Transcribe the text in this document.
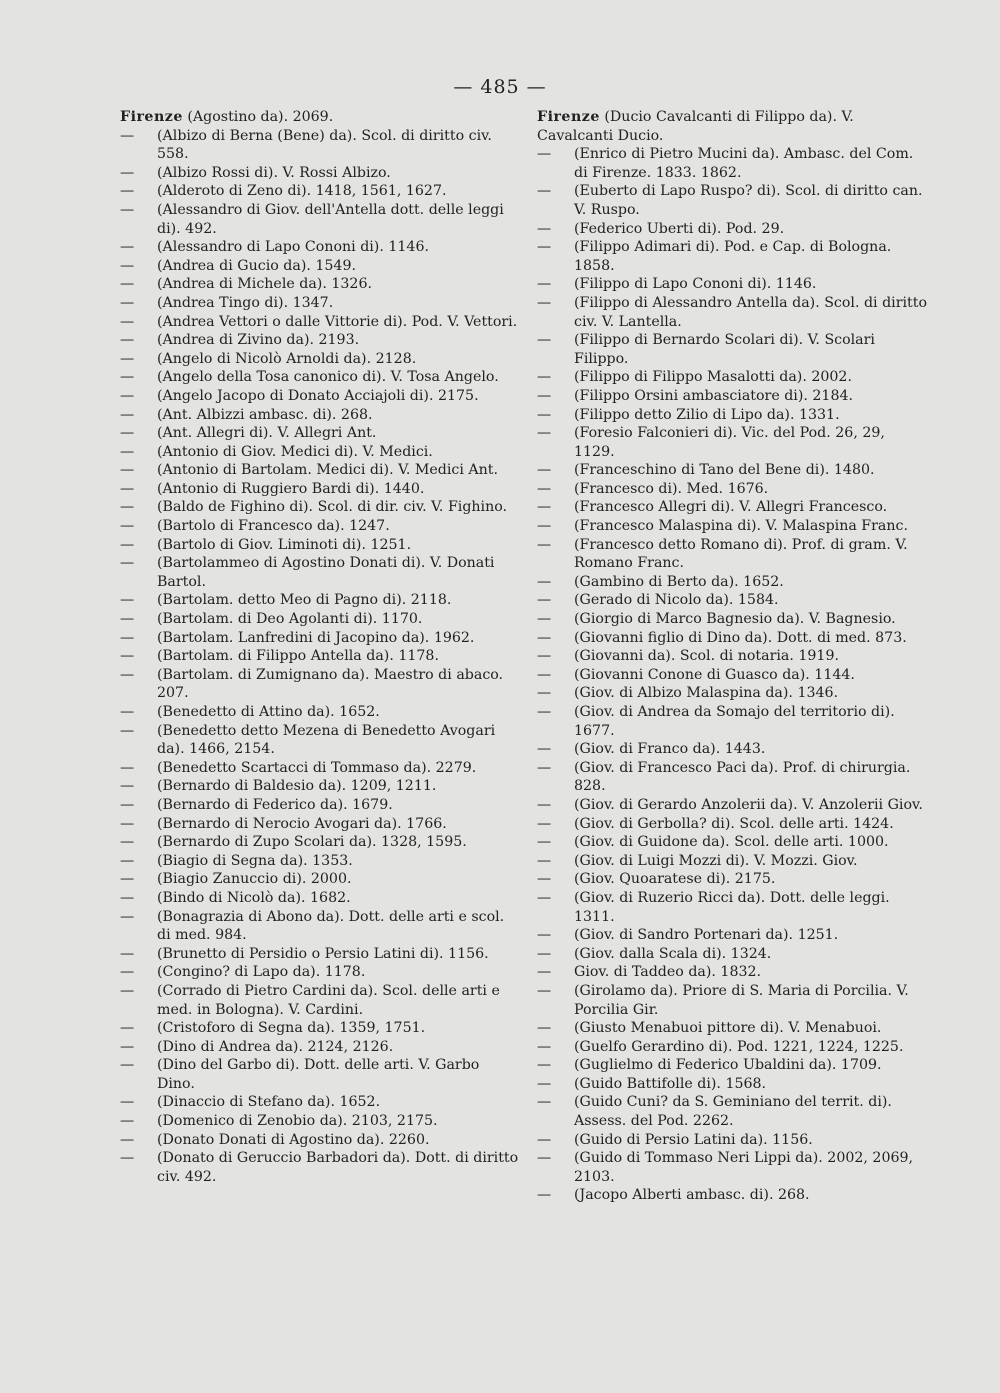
— 485 —
Firenze (Agostino da). 2069.
— (Albizo di Berna (Bene) da). Scol. di diritto civ. 558.
— (Albizo Rossi di). V. Rossi Albizo.
— (Alderoto di Zeno di). 1418, 1561, 1627.
— (Alessandro di Giov. dell'Antella dott. delle leggi di). 492.
— (Alessandro di Lapo Cononi di). 1146.
— (Andrea di Gucio da). 1549.
— (Andrea di Michele da). 1326.
— (Andrea Tingo di). 1347.
— (Andrea Vettori o dalle Vittorie di). Pod. V. Vettori.
— (Andrea di Zivino da). 2193.
— (Angelo di Nicolò Arnoldi da). 2128.
— (Angelo della Tosa canonico di). V. Tosa Angelo.
— (Angelo Jacopo di Donato Acciajoli di). 2175.
— (Ant. Albizzi ambasc. di). 268.
— (Ant. Allegri di). V. Allegri Ant.
— (Antonio di Giov. Medici di). V. Medici.
— (Antonio di Bartolam. Medici di). V. Medici Ant.
— (Antonio di Ruggiero Bardi di). 1440.
— (Baldo de Fighino di). Scol. di dir. civ. V. Fighino.
— (Bartolo di Francesco da). 1247.
— (Bartolo di Giov. Liminoti di). 1251.
— (Bartolammeo di Agostino Donati di). V. Donati Bartol.
— (Bartolam. detto Meo di Pagno di). 2118.
— (Bartolam. di Deo Agolanti di). 1170.
— (Bartolam. Lanfredini di Jacopino da). 1962.
— (Bartolam. di Filippo Antella da). 1178.
— (Bartolam. di Zumignano da). Maestro di abaco. 207.
— (Benedetto di Attino da). 1652.
— (Benedetto detto Mezena di Benedetto Avogari da). 1466, 2154.
— (Benedetto Scartacci di Tommaso da). 2279.
— (Bernardo di Baldesio da). 1209, 1211.
— (Bernardo di Federico da). 1679.
— (Bernardo di Nerocio Avogari da). 1766.
— (Bernardo di Zupo Scolari da). 1328, 1595.
— (Biagio di Segna da). 1353.
— (Biagio Zanuccio di). 2000.
— (Bindo di Nicolò da). 1682.
— (Bonagrazia di Abono da). Dott. delle arti e scol. di med. 984.
— (Brunetto di Persidio o Persio Latini di). 1156.
— (Congino? di Lapo da). 1178.
— (Corrado di Pietro Cardini da). Scol. delle arti e med. in Bologna). V. Cardini.
— (Cristoforo di Segna da). 1359, 1751.
— (Dino di Andrea da). 2124, 2126.
— (Dino del Garbo di). Dott. delle arti. V. Garbo Dino.
— (Dinaccio di Stefano da). 1652.
— (Domenico di Zenobio da). 2103, 2175.
— (Donato Donati di Agostino da). 2260.
— (Donato di Geruccio Barbadori da). Dott. di diritto civ. 492.
Firenze (Ducio Cavalcanti di Filippo da). V. Cavalcanti Ducio.
— (Enrico di Pietro Mucini da). Ambasc. del Com. di Firenze. 1833. 1862.
— (Euberto di Lapo Ruspo? di). Scol. di diritto can. V. Ruspo.
— (Federico Uberti di). Pod. 29.
— (Filippo Adimari di). Pod. e Cap. di Bologna. 1858.
— (Filippo di Lapo Cononi di). 1146.
— (Filippo di Alessandro Antella da). Scol. di diritto civ. V. Lantella.
— (Filippo di Bernardo Scolari di). V. Scolari Filippo.
— (Filippo di Filippo Masalotti da). 2002.
— (Filippo Orsini ambasciatore di). 2184.
— (Filippo detto Zilio di Lipo da). 1331.
— (Foresio Falconieri di). Vic. del Pod. 26, 29, 1129.
— (Franceschino di Tano del Bene di). 1480.
— (Francesco di). Med. 1676.
— (Francesco Allegri di). V. Allegri Francesco.
— (Francesco Malaspina di). V. Malaspina Franc.
— (Francesco detto Romano di). Prof. di gram. V. Romano Franc.
— (Gambino di Berto da). 1652.
— (Gerado di Nicolo da). 1584.
— (Giorgio di Marco Bagnesio da). V. Bagnesio.
— (Giovanni figlio di Dino da). Dott. di med. 873.
— (Giovanni da). Scol. di notaria. 1919.
— (Giovanni Conone di Guasco da). 1144.
— (Giov. di Albizo Malaspina da). 1346.
— (Giov. di Andrea da Somajo del territorio di). 1677.
— (Giov. di Franco da). 1443.
— (Giov. di Francesco Paci da). Prof. di chirurgia. 828.
— (Giov. di Gerardo Anzolerii da). V. Anzolerii Giov.
— (Giov. di Gerbolla? di). Scol. delle arti. 1424.
— (Giov. di Guidone da). Scol. delle arti. 1000.
— (Giov. di Luigi Mozzi di). V. Mozzi. Giov.
— (Giov. Quoaratese di). 2175.
— (Giov. di Ruzerio Ricci da). Dott. delle leggi. 1311.
— (Giov. di Sandro Portenari da). 1251.
— (Giov. dalla Scala di). 1324.
— Giov. di Taddeo da). 1832.
— (Girolamo da). Priore di S. Maria di Porcilia. V. Porcilia Gir.
— (Giusto Menabuoi pittore di). V. Menabuoi.
— (Guelfo Gerardino di). Pod. 1221, 1224, 1225.
— (Guglielmo di Federico Ubaldini da). 1709.
— (Guido Battifolle di). 1568.
— (Guido Cuni? da S. Geminiano del territ. di). Assess. del Pod. 2262.
— (Guido di Persio Latini da). 1156.
— (Guido di Tommaso Neri Lippi da). 2002, 2069, 2103.
— (Jacopo Alberti ambasc. di). 268.
